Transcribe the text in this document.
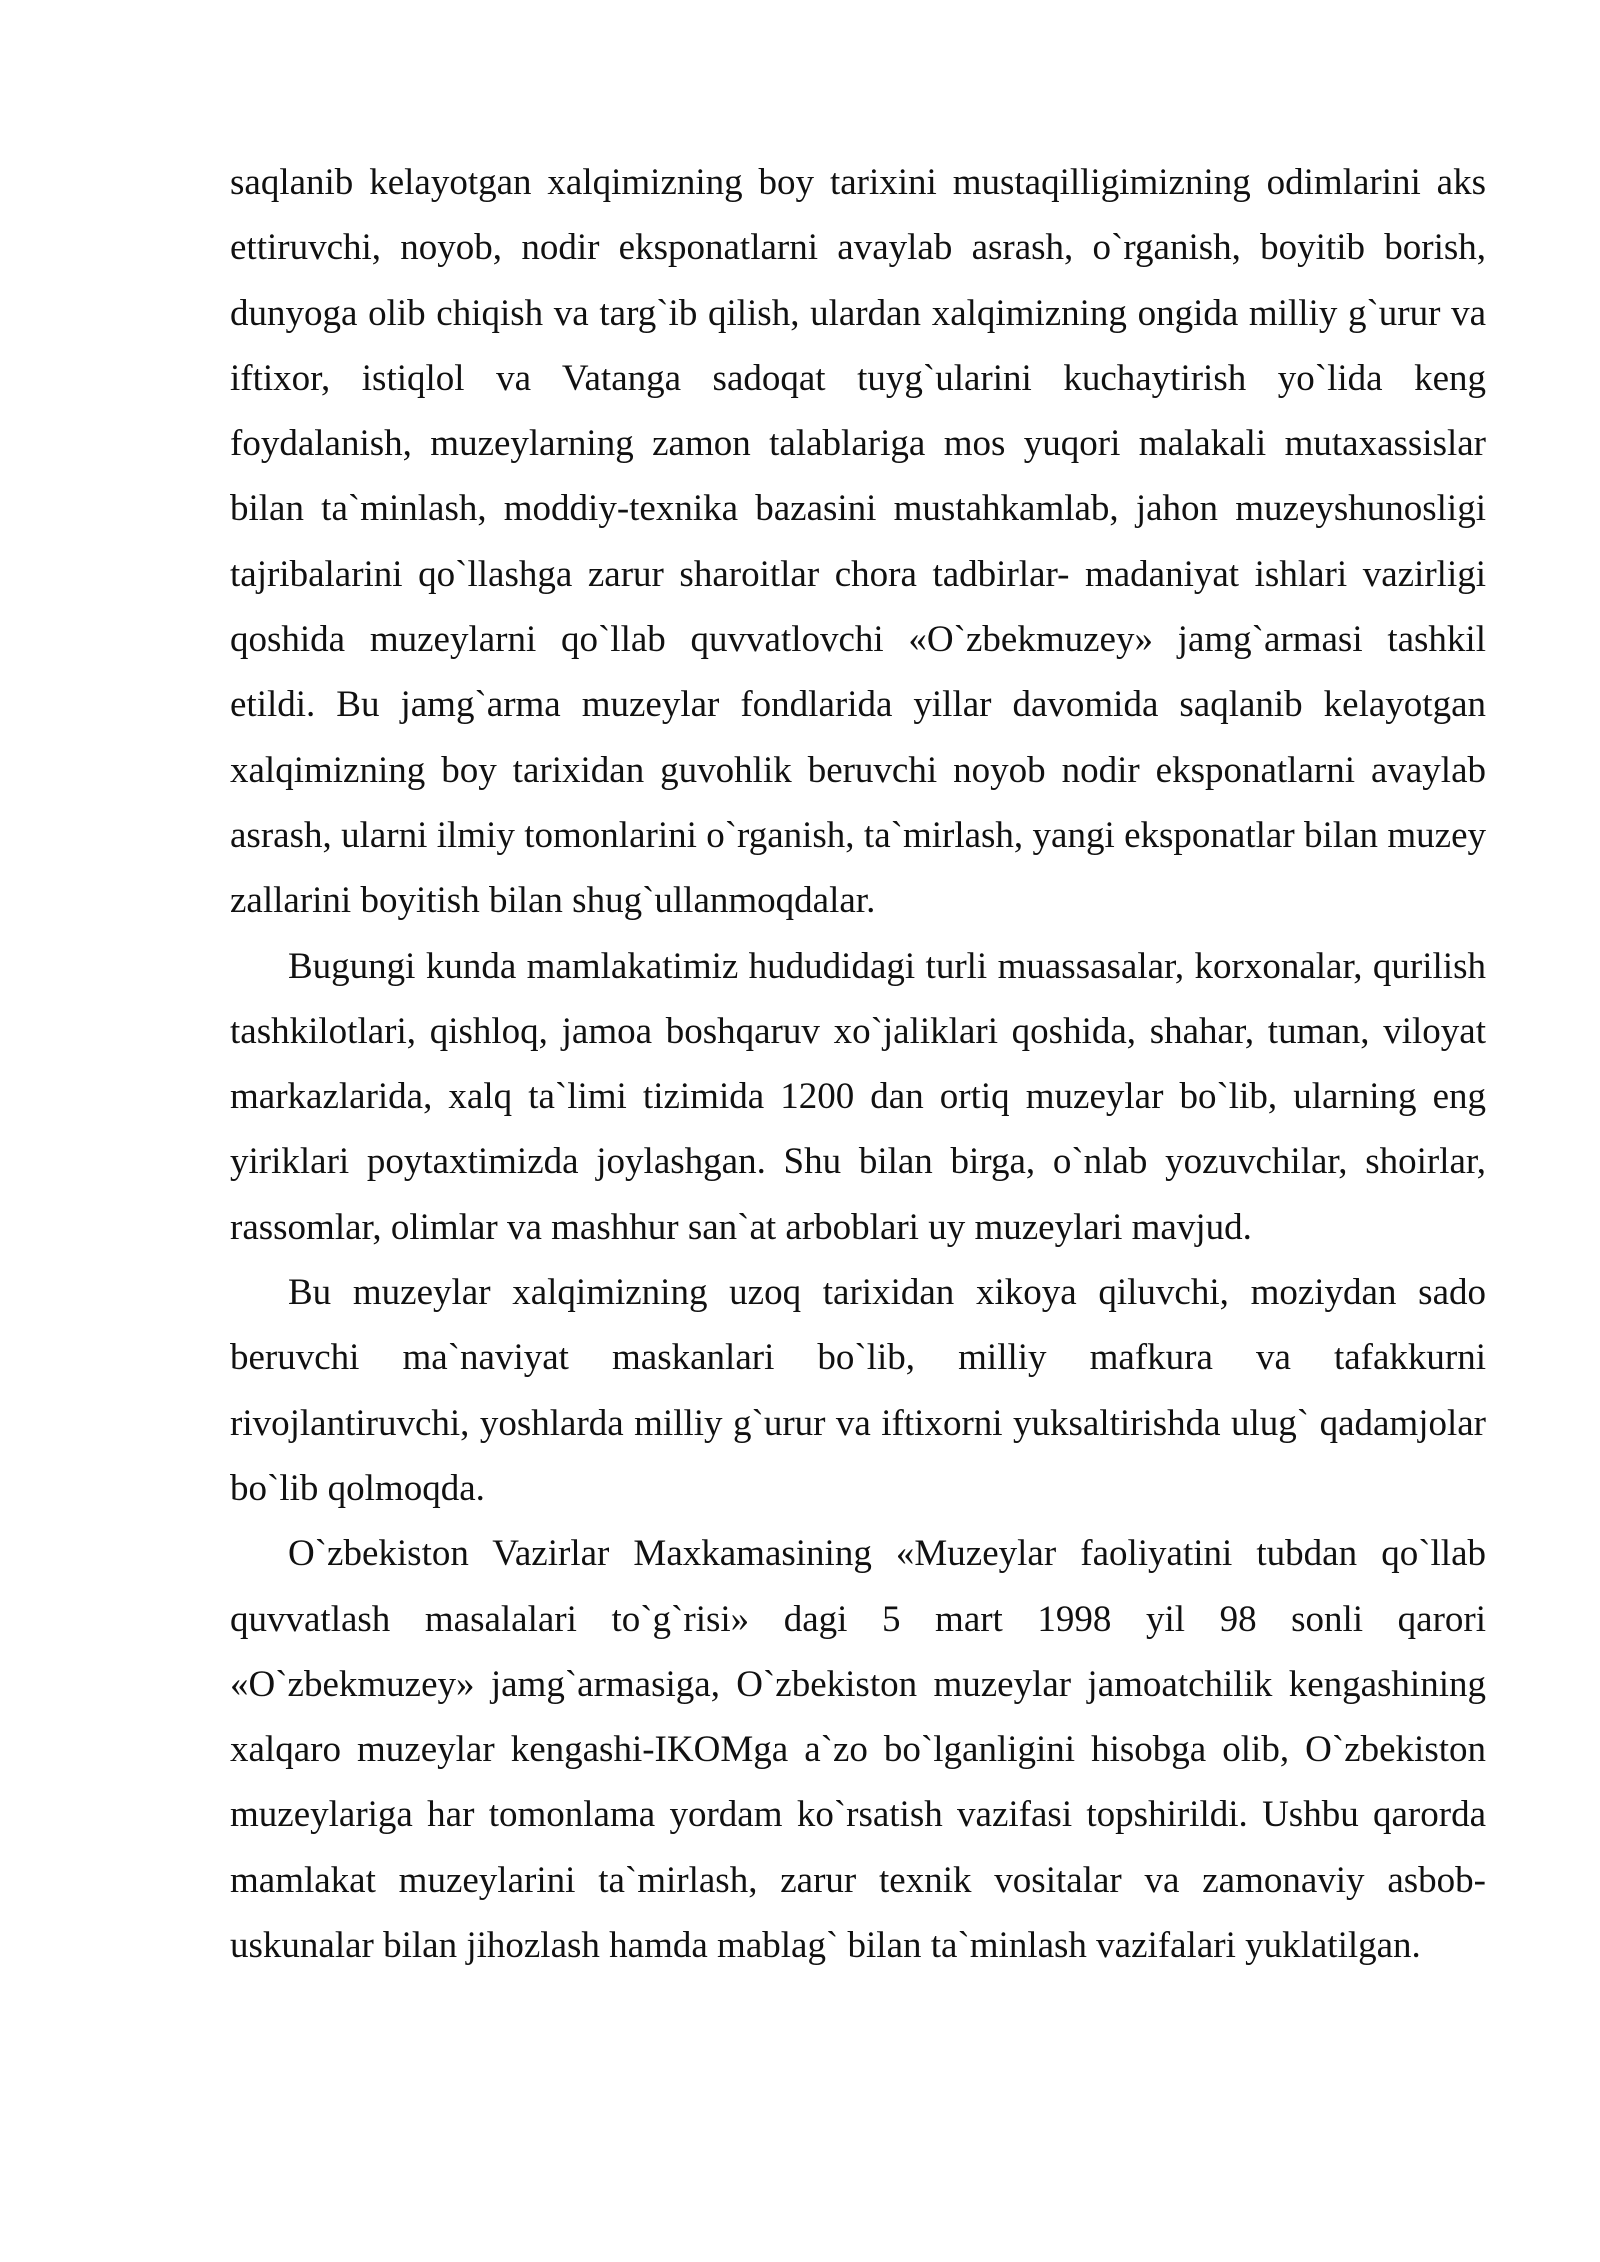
saqlanib kelayotgan xalqimizning boy tarixini mustaqilligimizning odimlarini aks ettiruvchi, noyob, nodir eksponatlarni avaylab asrash, o`rganish, boyitib borish, dunyoga olib chiqish va targ`ib qilish, ulardan xalqimizning ongida milliy g`urur va iftixor, istiqlol va Vatanga sadoqat tuyg`ularini kuchaytirish yo`lida keng foydalanish, muzeylarning zamon talablariga mos yuqori malakali mutaxassislar bilan ta`minlash, moddiy-texnika bazasini mustahkamlab, jahon muzeyshunosligi tajribalarini qo`llashga zarur sharoitlar chora tadbirlar- madaniyat ishlari vazirligi qoshida muzeylarni qo`llab quvvatlovchi «O`zbekmuzey» jamg`armasi tashkil etildi. Bu jamg`arma muzeylar fondlarida yillar davomida saqlanib kelayotgan xalqimizning boy tarixidan guvohlik beruvchi noyob nodir eksponatlarni avaylab asrash, ularni ilmiy tomonlarini o`rganish, ta`mirlash, yangi eksponatlar bilan muzey zallarini boyitish bilan shug`ullanmoqdalar.

Bugungi kunda mamlakatimiz hududidagi turli muassasalar, korxonalar, qurilish tashkilotlari, qishloq, jamoa boshqaruv xo`jaliklari qoshida, shahar, tuman, viloyat markazlarida, xalq ta`limi tizimida 1200 dan ortiq muzeylar bo`lib, ularning eng yiriklari poytaxtimizda joylashgan. Shu bilan birga, o`nlab yozuvchilar, shoirlar, rassomlar, olimlar va mashhur san`at arboblari uy muzeylari mavjud.

Bu muzeylar xalqimizning uzoq tarixidan xikoya qiluvchi, moziydan sado beruvchi ma`naviyat maskanlari bo`lib, milliy mafkura va tafakkurni rivojlantiruvchi, yoshlarda milliy g`urur va iftixorni yuksaltirishda ulug` qadamjolar bo`lib qolmoqda.

O`zbekiston Vazirlar Maxkamasining «Muzeylar faoliyatini tubdan qo`llab quvvatlash masalalari to`g`risi» dagi 5 mart 1998 yil 98 sonli qarori «O`zbekmuzey» jamg`armasiga, O`zbekiston muzeylar jamoatchilik kengashining xalqaro muzeylar kengashi-IKOMga a`zo bo`lganligini hisobga olib, O`zbekiston muzeylariga har tomonlama yordam ko`rsatish vazifasi topshirildi. Ushbu qarorda mamlakat muzeylarini ta`mirlash, zarur texnik vositalar va zamonaviy asbob-uskunalar bilan jihozlash hamda mablag` bilan ta`minlash vazifalari yuklatilgan.
